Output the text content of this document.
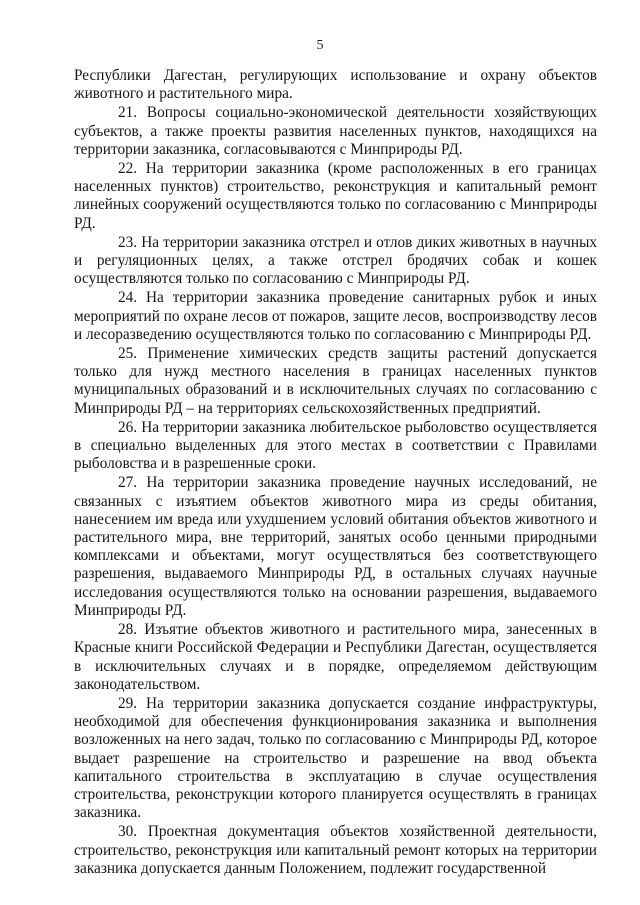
5

Республики Дагестан, регулирующих использование и охрану объектов животного и растительного мира.

21. Вопросы социально-экономической деятельности хозяйствующих субъектов, а также проекты развития населенных пунктов, находящихся на территории заказника, согласовываются с Минприроды РД.

22. На территории заказника (кроме расположенных в его границах населенных пунктов) строительство, реконструкция и капитальный ремонт линейных сооружений осуществляются только по согласованию с Минприроды РД.

23. На территории заказника отстрел и отлов диких животных в научных и регуляционных целях, а также отстрел бродячих собак и кошек осуществляются только по согласованию с Минприроды РД.

24. На территории заказника проведение санитарных рубок и иных мероприятий по охране лесов от пожаров, защите лесов, воспроизводству лесов и лесоразведению осуществляются только по согласованию с Минприроды РД.

25. Применение химических средств защиты растений допускается только для нужд местного населения в границах населенных пунктов муниципальных образований и в исключительных случаях по согласованию с Минприроды РД – на территориях сельскохозяйственных предприятий.

26. На территории заказника любительское рыболовство осуществляется в специально выделенных для этого местах в соответствии с Правилами рыболовства и в разрешенные сроки.

27. На территории заказника проведение научных исследований, не связанных с изъятием объектов животного мира из среды обитания, нанесением им вреда или ухудшением условий обитания объектов животного и растительного мира, вне территорий, занятых особо ценными природными комплексами и объектами, могут осуществляться без соответствующего разрешения, выдаваемого Минприроды РД, в остальных случаях научные исследования осуществляются только на основании разрешения, выдаваемого Минприроды РД.

28. Изъятие объектов животного и растительного мира, занесенных в Красные книги Российской Федерации и Республики Дагестан, осуществляется в исключительных случаях и в порядке, определяемом действующим законодательством.

29. На территории заказника допускается создание инфраструктуры, необходимой для обеспечения функционирования заказника и выполнения возложенных на него задач, только по согласованию с Минприроды РД, которое выдает разрешение на строительство и разрешение на ввод объекта капитального строительства в эксплуатацию в случае осуществления строительства, реконструкции которого планируется осуществлять в границах заказника.

30. Проектная документация объектов хозяйственной деятельности, строительство, реконструкция или капитальный ремонт которых на территории заказника допускается данным Положением, подлежит государственной
